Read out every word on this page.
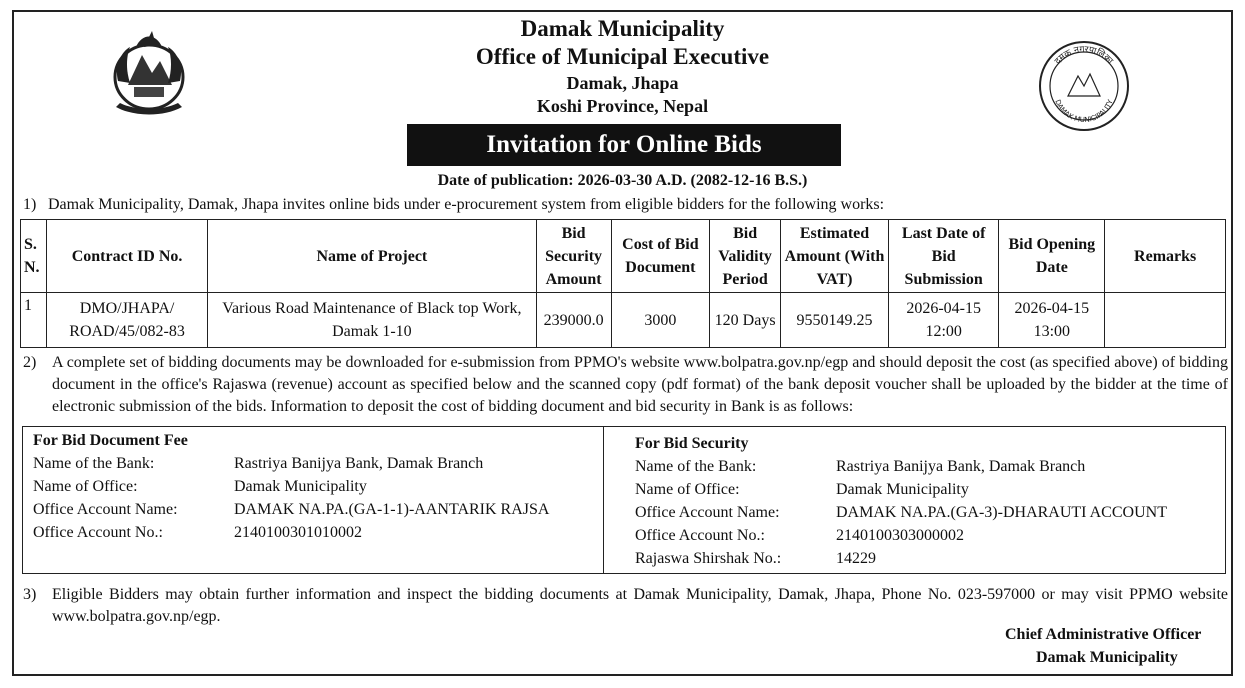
Damak Municipality
Office of Municipal Executive
Damak, Jhapa
Koshi Province, Nepal
दमक नगरपालिका
DAMAK MUNICIPALITY
Invitation for Online Bids
Date of publication: 2026-03-30 A.D. (2082-12-16 B.S.)
1) Damak Municipality, Damak, Jhapa invites online bids under e-procurement system from eligible bidders for the following works:
S. N.	Contract ID No.	Name of Project	Bid Security Amount	Cost of Bid Document	Bid Validity Period	Estimated Amount (With VAT)	Last Date of Bid Submission	Bid Opening Date	Remarks
1	DMO/JHAPA/ ROAD/45/082-83	Various Road Maintenance of Black top Work, Damak 1-10	239000.0	3000	120 Days	9550149.25	2026-04-15 12:00	2026-04-15 13:00	
2) A complete set of bidding documents may be downloaded for e-submission from PPMO's website www.bolpatra.gov.np/egp and should deposit the cost (as specified above) of bidding document in the office's Rajaswa (revenue) account as specified below and the scanned copy (pdf format) of the bank deposit voucher shall be uploaded by the bidder at the time of electronic submission of the bids. Information to deposit the cost of bidding document and bid security in Bank is as follows:
For Bid Document Fee
Name of the Bank:	Rastriya Banijya Bank, Damak Branch
Name of Office:	Damak Municipality
Office Account Name:	DAMAK NA.PA.(GA-1-1)-AANTARIK RAJSA
Office Account No.:	2140100301010002
For Bid Security
Name of the Bank:	Rastriya Banijya Bank, Damak Branch
Name of Office:	Damak Municipality
Office Account Name:	DAMAK NA.PA.(GA-3)-DHARAUTI ACCOUNT
Office Account No.:	2140100303000002
Rajaswa Shirshak No.:	14229
3) Eligible Bidders may obtain further information and inspect the bidding documents at Damak Municipality, Damak, Jhapa, Phone No. 023-597000 or may visit PPMO website www.bolpatra.gov.np/egp.
Chief Administrative Officer
Damak Municipality
